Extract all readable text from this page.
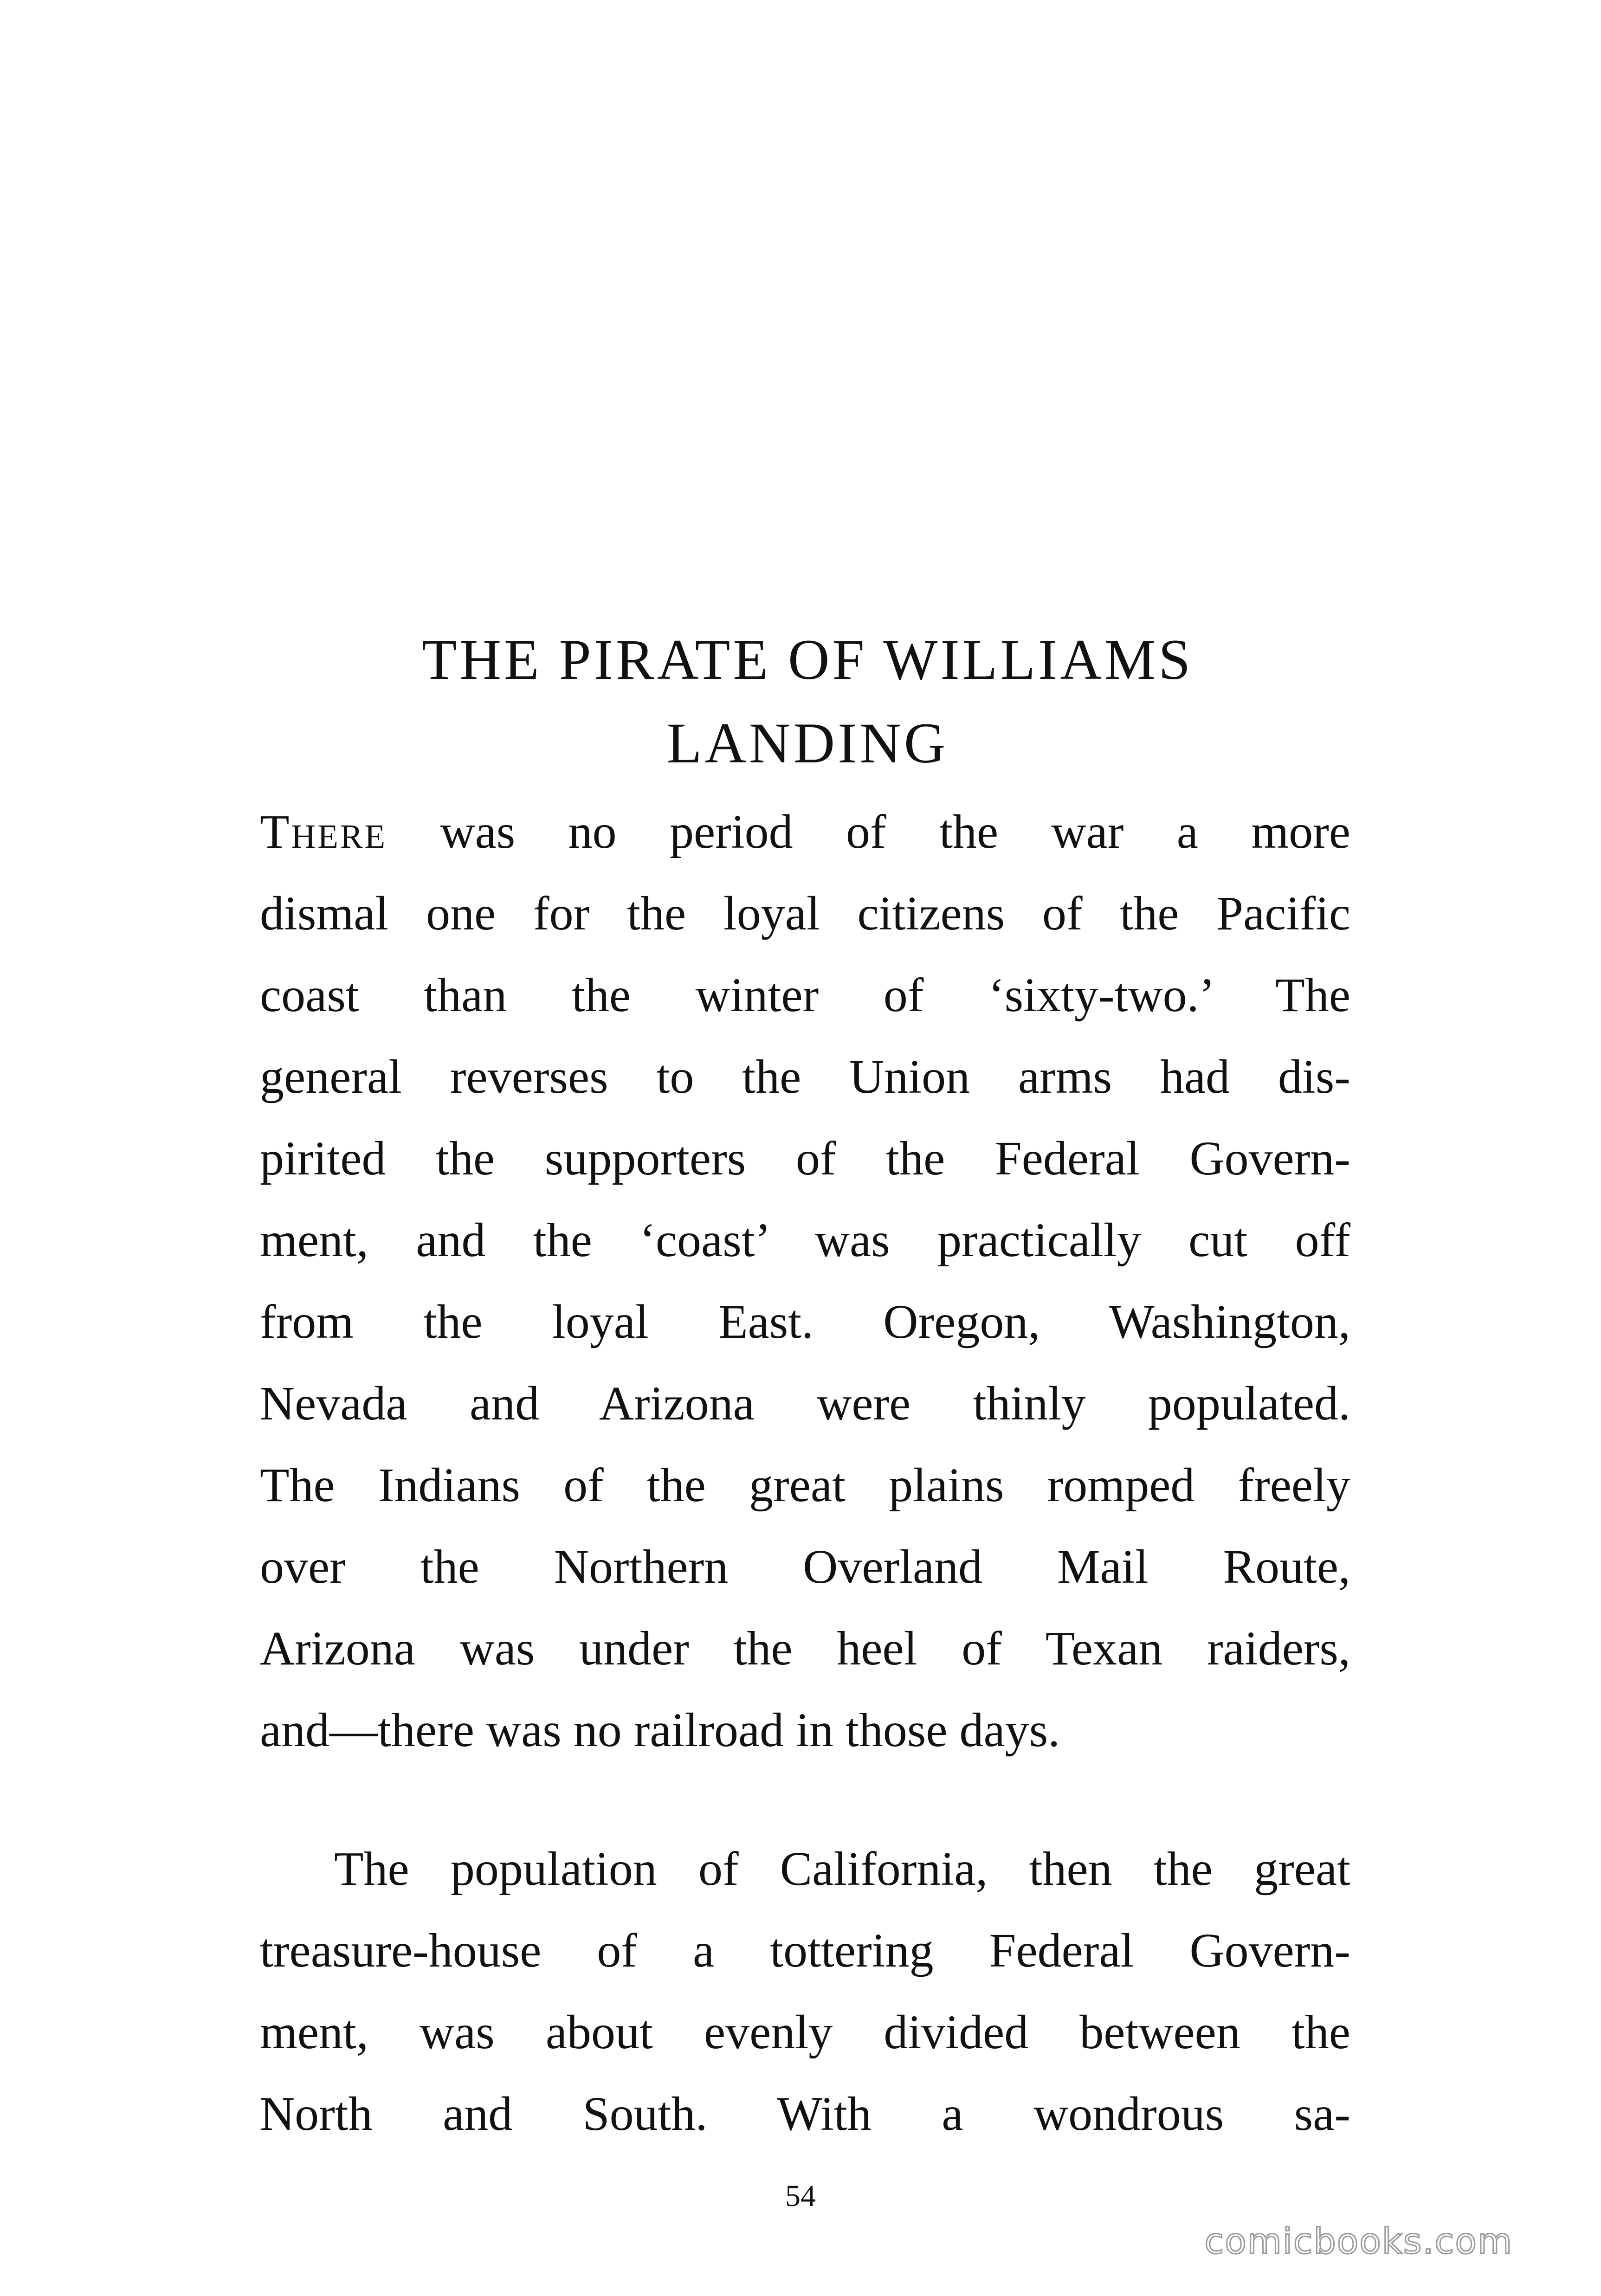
THE PIRATE OF WILLIAMS
LANDING
There was no period of the war a more
dismal one for the loyal citizens of the Pacific
coast than the winter of ‘sixty-two.’ The
general reverses to the Union arms had dis-
pirited the supporters of the Federal Govern-
ment, and the ‘coast’ was practically cut off
from the loyal East. Oregon, Washington,
Nevada and Arizona were thinly populated.
The Indians of the great plains romped freely
over the Northern Overland Mail Route,
Arizona was under the heel of Texan raiders,
and—there was no railroad in those days.
The population of California, then the great
treasure-house of a tottering Federal Govern-
ment, was about evenly divided between the
North and South. With a wondrous sa-
54
comicbooks.com
